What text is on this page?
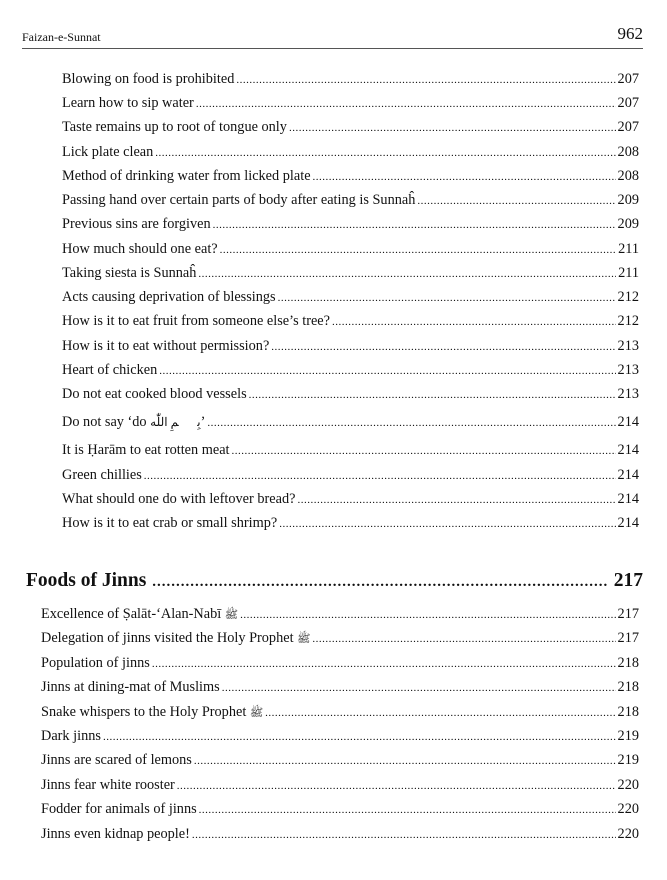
Faizan-e-Sunnat	962
Blowing on food is prohibited .....	207
Learn how to sip water .....	207
Taste remains up to root of tongue only .....	207
Lick plate clean .....	208
Method of drinking water from licked plate .....	208
Passing hand over certain parts of body after eating is Sunnaĥ .....	209
Previous sins are forgiven .....	209
How much should one eat? .....	211
Taking siesta is Sunnaĥ .....	211
Acts causing deprivation of blessings .....	212
How is it to eat fruit from someone else’s tree? .....	212
How is it to eat without permission? .....	213
Heart of chicken .....	213
Do not eat cooked blood vessels .....	213
Do not say ‘do بِسۡمِ اللّٰه’ .....	214
It is Ḥarām to eat rotten meat .....	214
Green chillies .....	214
What should one do with leftover bread? .....	214
How is it to eat crab or small shrimp? .....	214
Foods of Jinns .....	217
Excellence of Ṣalāt-‘Alan-Nabī ﷺ .....	217
Delegation of jinns visited the Holy Prophet ﷺ .....	217
Population of jinns .....	218
Jinns at dining-mat of Muslims .....	218
Snake whispers to the Holy Prophet ﷺ .....	218
Dark jinns .....	219
Jinns are scared of lemons .....	219
Jinns fear white rooster .....	220
Fodder for animals of jinns .....	220
Jinns even kidnap people! .....	220
